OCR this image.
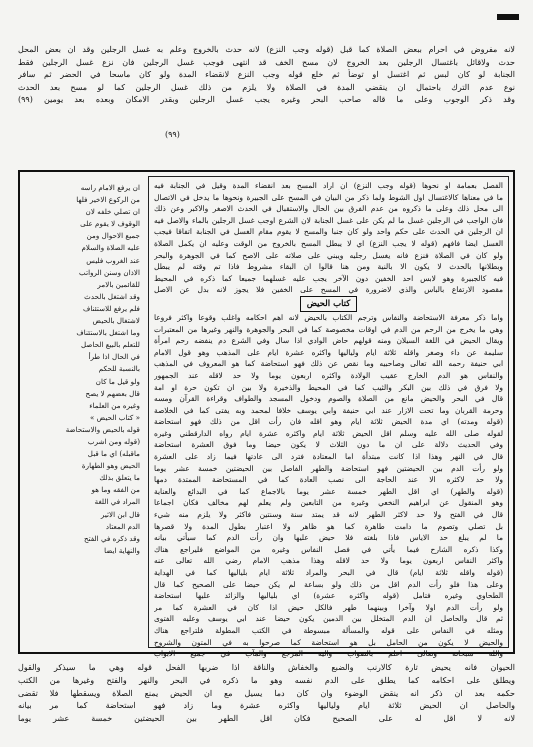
(٩٩)
لانه مفروض في احرام ببعض الصلاة كما قبل (قوله وجب النزع) لانه حدث بالخروج وعلم به غسل الرجلين وقد ان بعض المحل
حدث ولاقائل باغتسال الرجلين بعد الخروج لان مسح الخف قد انتهى فوجب غسل الرجلين فان نزع غسل الرجلين فقط
الجنابة لو كان لبس ثم اغتسل او توضأ ثم خلع قوله وجب النزع لانقضاء المدة ولو كان ماسحا في الحضر ثم سافر
نوع عدم الترك باحتمال ان ينقضي المدة في الصلاة ولا يلزم من ذلك غسل الرجلين كما لو مسح بعد الحدث
وقد ذكر الوجوب وعلى ما قاله صاحب البحر وغيره يجب غسل الرجلين وبقدر الامكان وبعده بعد يومين (٩٩)
الفصل بعمامة او نحوها (قوله وجب النزع) ان اراد المسح بعد انقضاء المدة وقيل في الجنابة فيه
ما في معناها كالاغتسال اول الشوط ولما ذكر من البيان في المسح على الجبيرة ونحوها ما يدخل في الاتصال
الى محل ذلك وعلى ما ذكروه من عدم الفرق بين الحال والاستقبال في الحدث الاصغر والاكبر وعن ذلك
فان الواجب في الرجلين غسل ما لم يكن على غسل الجنابة لان الشرع اوجب غسل الرجلين بالماء والاصل فيه
ان الرجلين في الحدث على حكم واحد ولو كان جنبا والمسح لا يقوم مقام الغسل في الجنابة اتفاقا فيجب
الغسل ايضا فافهم (قوله لا يجب النزع) اي لا يبطل المسح بالخروج من الوقت وعليه ان يكمل الصلاة
ولو كان في الصلاة فنزع فانه يغسل رجليه ويبني على صلاته على الاصح كما في الجوهرة والبحر
وبطلانها بالحدث لا يكون الا بالنية ومن هنا قالوا ان البقاء مشروط فاذا تم وقته لم يبطل
فيه كالجبيرة وهو لابس احد الخفين دون الآخر يجب عليه غسلهما جميعا كما ذكره في المحيط
مقصود الارتفاع بالباس والذي لاضرورة في المسح على الخفين فلا يجوز لانه بدل عن الاصل
كتاب الحيض
واما ذكر معرفة الاستحاضة والنفاس وترجم الكتاب بالحيض لانه اهم احكامه واغلب وقوعا واكثر فروعا
وهي ما يخرج من الرحم من الدم في اوقات مخصوصة كما في البحر والجوهرة والنهر وغيرها من المعتبرات
ويقال الحيض في اللغة السيلان ومنه قولهم حاض الوادي اذا سال وفي الشرع دم ينفضه رحم امرأة
سليمة عن داء وصغر واقله ثلاثة ايام ولياليها واكثره عشرة ايام على المذهب وهو قول الامام
ابي حنيفة رحمه الله تعالى وصاحبيه وما نقص عن ذلك فهو استحاضة كما هو المعروف في المذهب
والنفاس هو الدم الخارج عقيب الولادة واكثره اربعون يوما ولا حد لاقله عند الجمهور
ولا فرق في ذلك بين البكر والثيب كما في المحيط والذخيرة ولا بين ان تكون حرة او امة
قال في البحر والحيض مانع من الصلاة والصوم ودخول المسجد والطواف وقراءة القرآن ومسه
وحرمة القربان وما تحت الازار عند ابي حنيفة وابي يوسف خلافا لمحمد وبه يفتى كما في الخلاصة
(قوله ومدته) اي مدة الحيض ثلاثة ايام وهو اقله فان رأت اقل من ذلك فهو استحاضة
لقوله صلى الله عليه وسلم اقل الحيض ثلاثة ايام واكثره عشرة ايام رواه الدارقطني وغيره
وفي الحديث دلالة على ان ما دون الثلاث لا يكون حيضا وما فوق العشرة استحاضة
قال في النهر وهذا اذا كانت مبتدأة اما المعتادة فترد الى عادتها فيما زاد على العشرة
ولو رأت الدم بين الحيضتين فهو استحاضة والطهر الفاصل بين الحيضتين خمسة عشر يوما
ولا حد لاكثره الا عند الحاجة الى نصب العادة كما في المستحاضة الممتدة دمها
(قوله والطهر) اي اقل الطهر خمسة عشر يوما بالاجماع كما في البدائع والعناية
وهو المنقول عن ابراهيم النخعي وغيره من التابعين ولم يعلم لهم مخالف فكان اجماعا
قال في الفتح ولا حد لاكثر الطهر لانه قد يمتد سنة وسنتين فاكثر ولا يلزم منه شيء
بل تصلي وتصوم ما دامت طاهرة كما هو ظاهر ولا اعتبار بطول المدة ولا قصرها
ما لم يبلغ حد الاياس فاذا بلغته فلا حيض عليها وان رأت الدم كما سيأتي بيانه
وكذا ذكره الشارح فيما يأتي في فصل النفاس وغيره من المواضع فليراجع هناك
واكثر النفاس اربعون يوما ولا حد لاقله وهذا مذهب الامام رضي الله تعالى عنه
(قوله واقله ثلاثة ايام) قال في البحر والمراد ثلاثة ايام بلياليها كما في الهداية
وعلى هذا فلو رأت الدم اقل من ذلك ولو بساعة لم يكن حيضا على الصحيح كما قال
الطحاوي وغيره فتامل (قوله واكثره عشرة) اي بلياليها والزائد عليها استحاضة
ولو رأت الدم اولا وآخرا وبينهما طهر فالكل حيض اذا كان في العشرة كما مر
ثم قال والحاصل ان الدم المتخلل بين الدمين يكون حيضا عند ابي يوسف وعليه الفتوى
ومثله في النفاس على قوله والمسألة مبسوطة في الكتب المطولة فلتراجع هناك
والحيض لا يكون من الحامل بل هو استحاضة كما صرحوا به في المتون والشروح
والله سبحانه وتعالى اعلم بالصواب واليه المرجع والمآب في جميع الابواب
ان يرفع الامام راسه
من الركوع الاخير فلها
ان تصلي خلفه لان
الوقوف لا يقوم على
جميع الاحوال ومن
عليه الصلاة والسلام
عند الغروب فليس
الاذان وسنن الرواتب
للقائمين بالامر
وقد اشتغل بالحدث
فلم يرفع للاستئناف
لاشتغال بالحيض
وما اشتغل بالاستئناف
للتعلم بالبيع الحاصل
في الحال اذا طرأ
بالنسبة للحكم
ولو قيل ما كان
قال بعضهم لا يصح
وغيره من العلماء
« كتاب الحيض »
قوله بالحيض والاستحاضة
(قوله ومن اشرب
ماقبله) اي ما قبل
الحيض وهو الطهارة
ما يتعلق بذلك
من الفقه وما هو
المراد في اللغة
قال ابن الاثير
الدم المعتاد
وقد ذكره في الفتح
والنهاية ايضا
الحيوان فانه يحيض تارة كالارنب والضبع والخفاش والناقة اذا ضربها الفحل قوله وهي ما سيذكر والقول
ويطلق على احكامه كما يطلق على الدم نفسه وهو ما ذكره في البحر والنهر والفتح وغيرها من الكتب
حكمه بعد ان ذكر انه ينقض الوضوء وان كان دما يسيل مع ان الحيض يمنع الصلاة ويسقطها فلا تقضى
والحاصل ان الحيض ثلاثة ايام ولياليها واكثره عشرة وما زاد فهو استحاضة كما مر بيانه
لانه لا اقل له على الصحيح فكان اقل الطهر بين الحيضتين خمسة عشر يوما
